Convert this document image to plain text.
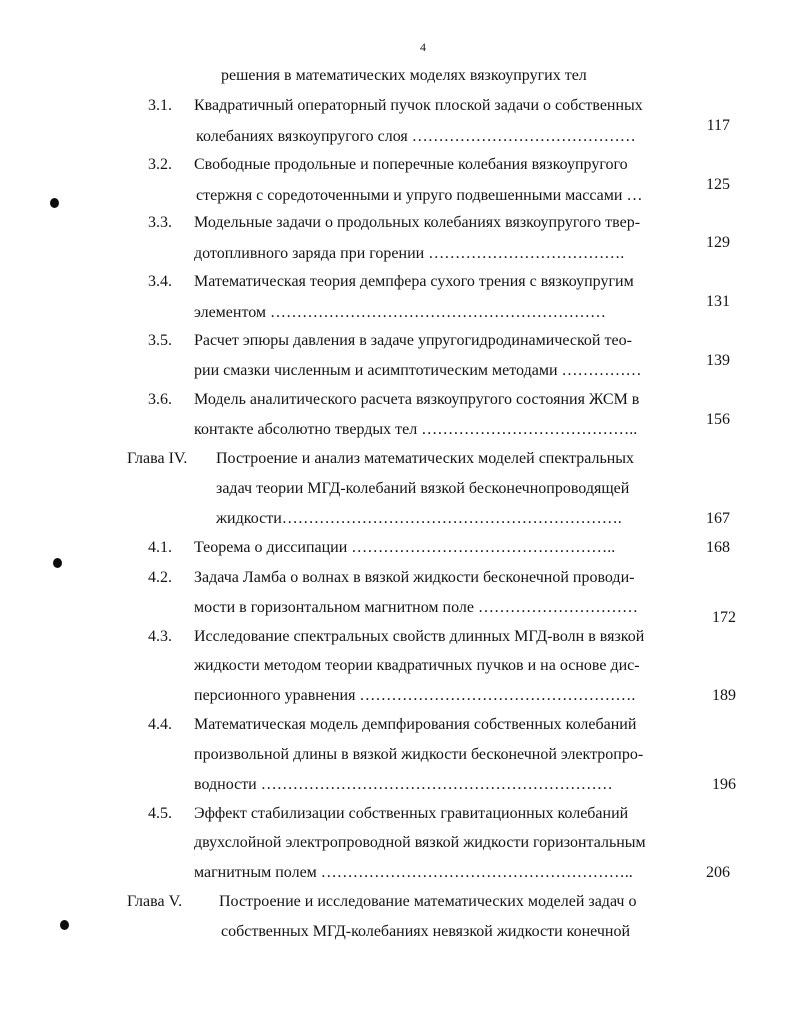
4
решения в математических моделях вязкоупругих тел
3.1. Квадратичный операторный пучок плоской задачи о собственных
колебаниях вязкоупругого слоя ……………………………………
117
3.2. Свободные продольные и поперечные колебания вязкоупругого
стержня с соредоточенными и упруго подвешенными массами …
125
3.3. Модельные задачи о продольных колебаниях вязкоупругого твер-
дотопливного заряда при горении ……………………………….
129
3.4. Математическая теория демпфера сухого трения с вязкоупругим
элементом ………………………………………………………
131
3.5. Расчет эпюры давления в задаче упругогидродинамической тео-
рии смазки численным и асимптотическим методами ……………
139
3.6. Модель аналитического расчета вязкоупругого состояния ЖСМ в
контакте абсолютно твердых тел …………………………………..
156
Глава IV. Построение и анализ математических моделей спектральных
задач теории МГД-колебаний вязкой бесконечнопроводящей
жидкости……………………………………………………….	167
4.1. Теорема о диссипации …………………………………………..	168
4.2. Задача Ламба о волнах в вязкой жидкости бесконечной проводи-
мости в горизонтальном магнитном поле …………………………
172
4.3. Исследование спектральных свойств длинных МГД-волн в вязкой
жидкости методом теории квадратичных пучков и на основе дис-
персионного уравнения …………………………………………….	189
4.4. Математическая модель демпфирования собственных колебаний
произвольной длины в вязкой жидкости бесконечной электропро-
водности …………………………………………………………	196
4.5. Эффект стабилизации собственных гравитационных колебаний
двухслойной электропроводной вязкой жидкости горизонтальным
магнитным полем …………………………………………………..	206
Глава V. Построение и исследование математических моделей задач о
собственных МГД-колебаниях невязкой жидкости конечной
